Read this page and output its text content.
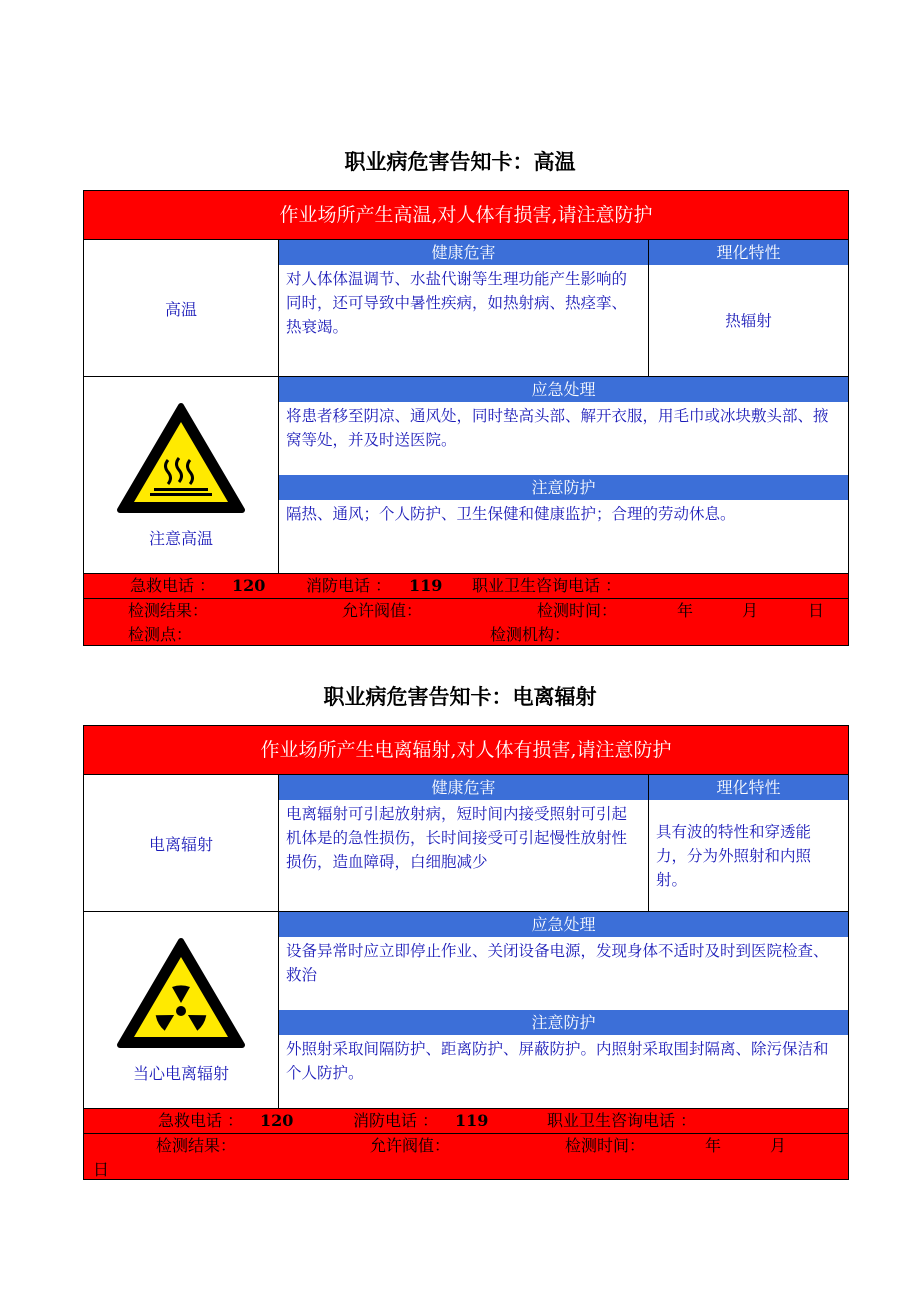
职业病危害告知卡：高温
作业场所产生高温,对人体有损害,请注意防护
高温
健康危害
对人体体温调节、水盐代谢等生理功能产生影响的同时，还可导致中暑性疾病，如热射病、热痉挛、热衰竭。
理化特性
热辐射
注意高温
应急处理
将患者移至阴凉、通风处，同时垫高头部、解开衣服，用毛巾或冰块敷头部、掖窝等处，并及时送医院。
注意防护
隔热、通风；个人防护、卫生保健和健康监护；合理的劳动休息。
急救电话 ： 120	消防电话 ： 119 职业卫生咨询电话 ：
检测结果：	允许阀值：	检测时间：	年	月	日
检测点：	检测机构：
职业病危害告知卡：电离辐射
作业场所产生电离辐射,对人体有损害,请注意防护
电离辐射
健康危害
电离辐射可引起放射病，短时间内接受照射可引起机体是的急性损伤，长时间接受可引起慢性放射性损伤，造血障碍，白细胞减少
理化特性
具有波的特性和穿透能力，分为外照射和内照射。
当心电离辐射
应急处理
设备异常时应立即停止作业、关闭设备电源，发现身体不适时及时到医院检查、救治
注意防护
外照射采取间隔防护、距离防护、屏蔽防护。内照射采取围封隔离、除污保洁和个人防护。
急救电话 ： 120	消防电话 ： 119	职业卫生咨询电话 ：
检测结果：	允许阀值：	检测时间：	年	月
日
